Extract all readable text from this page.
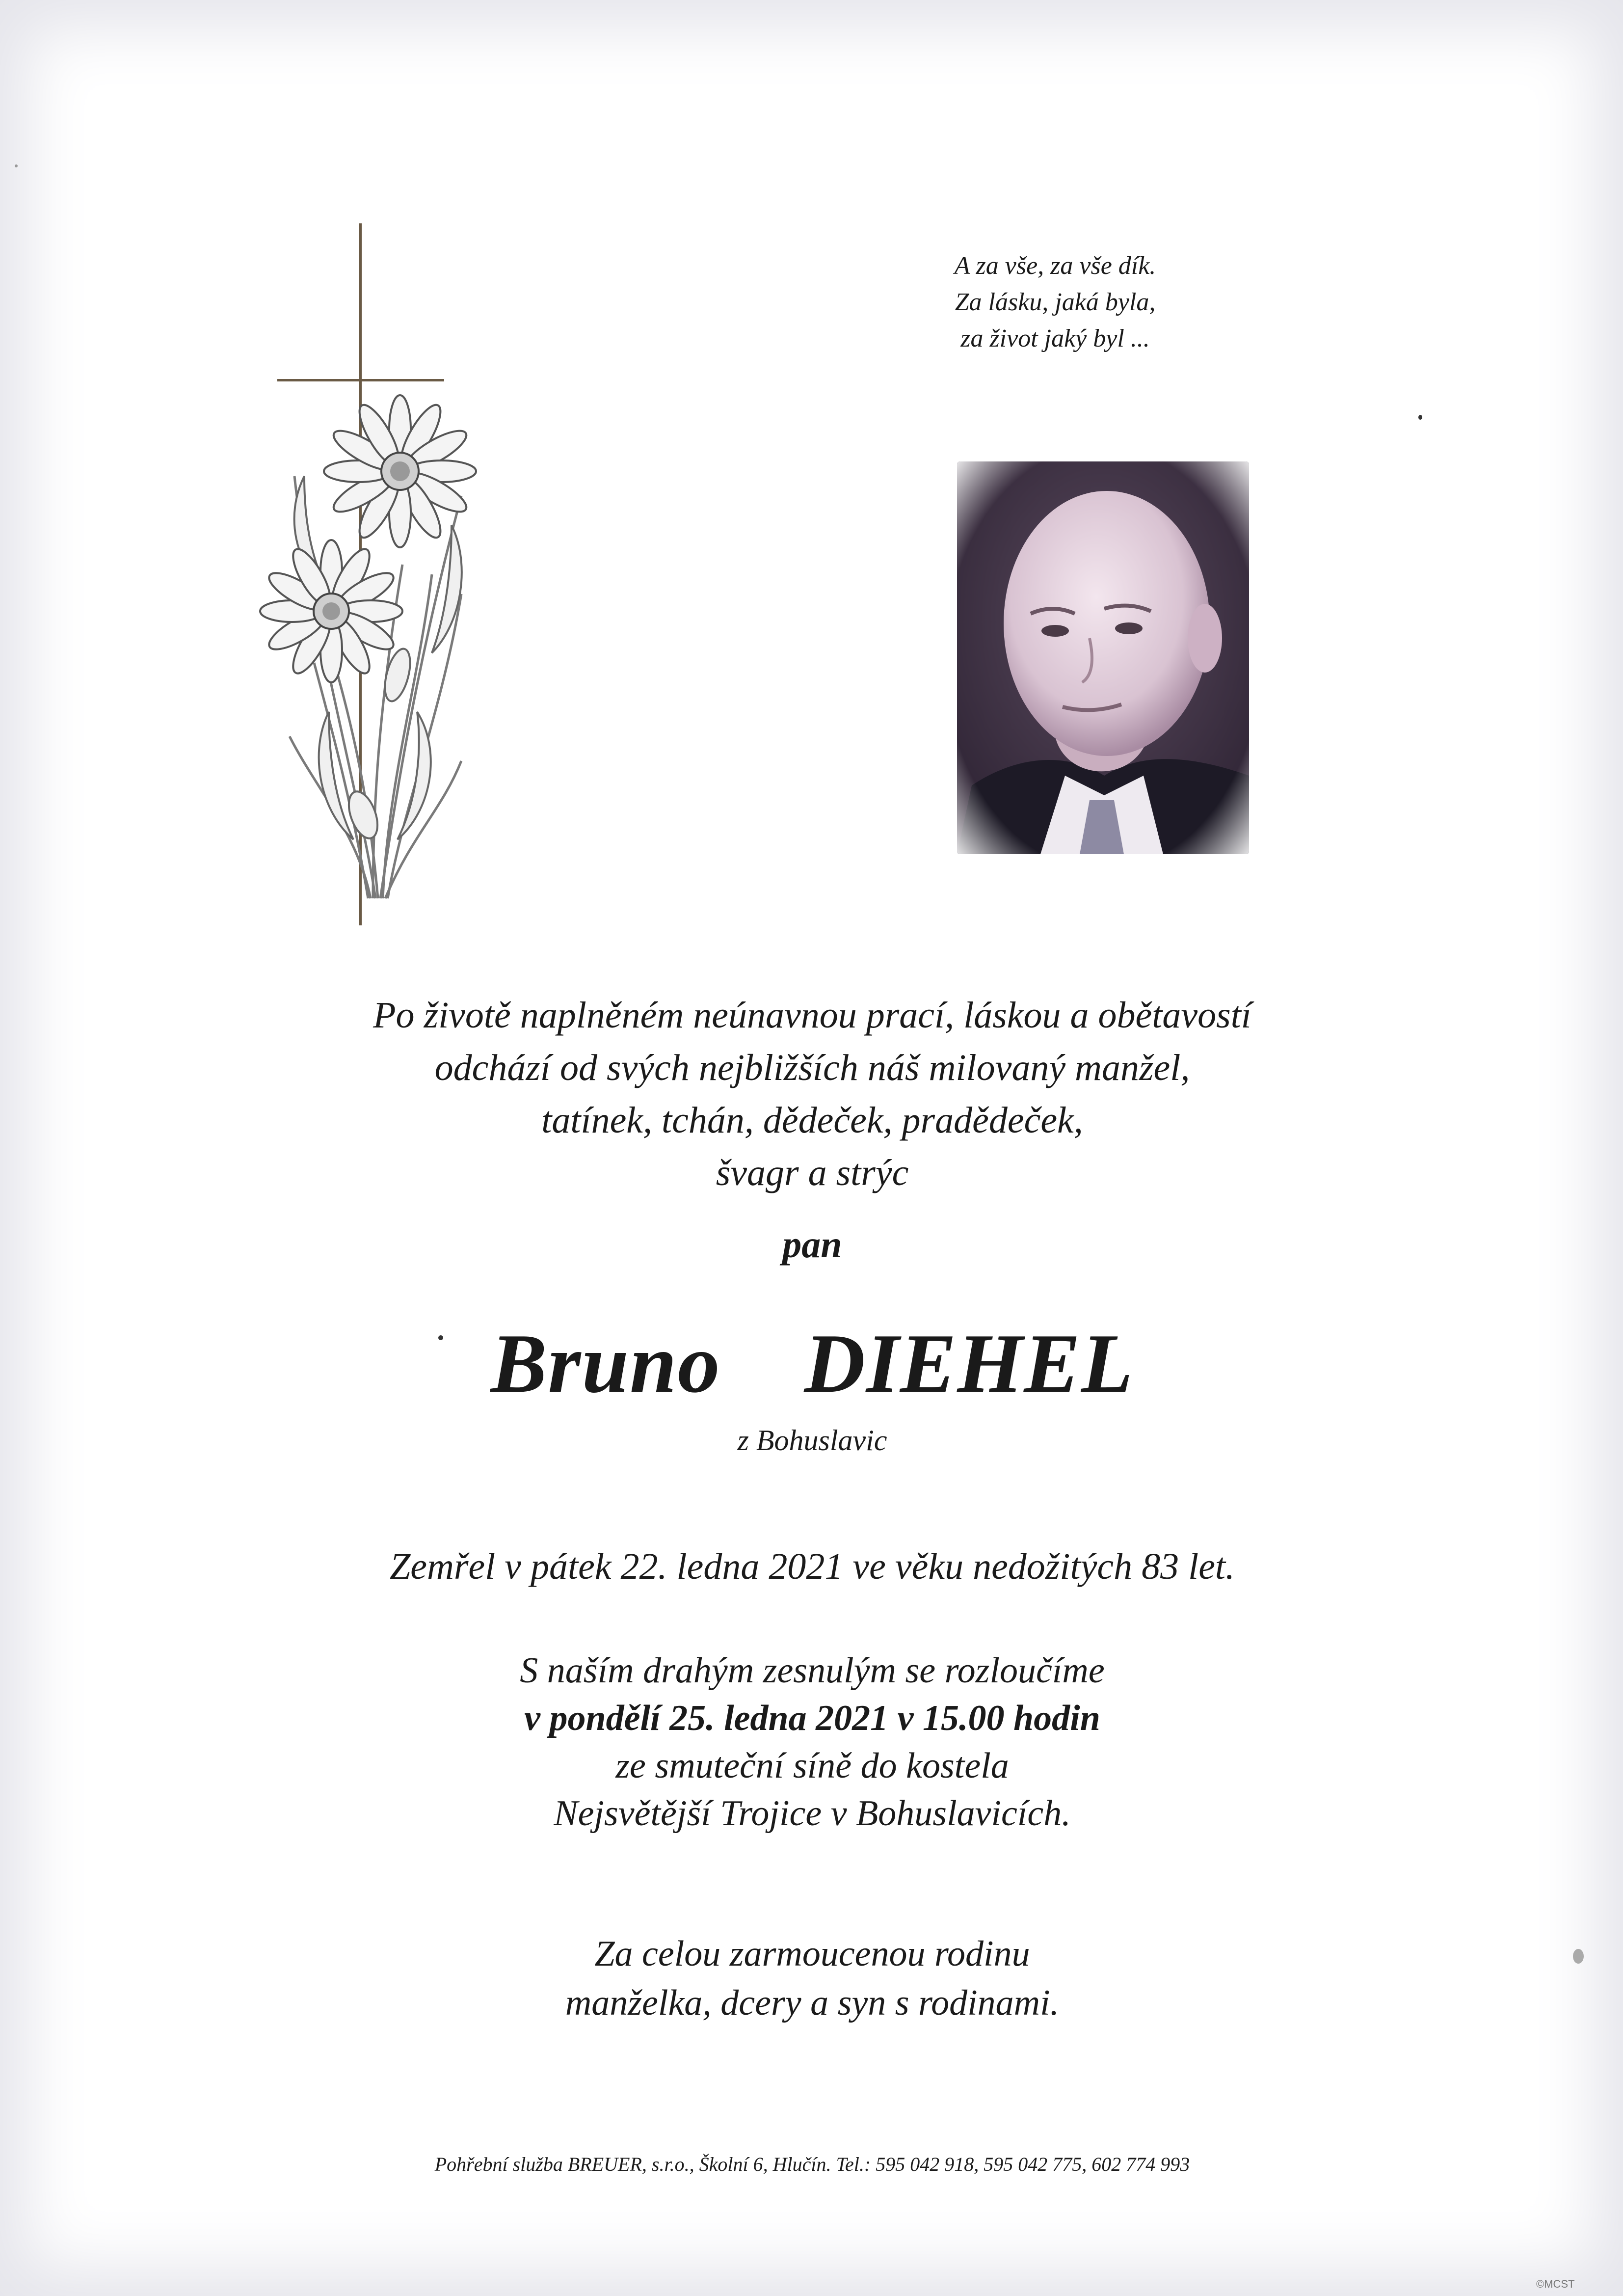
A za vše, za vše dík.
Za lásku, jaká byla,
za život jaký byl ...
Po životě naplněném neúnavnou prací, láskou a obětavostí
odchází od svých nejbližších náš milovaný manžel,
tatínek, tchán, dědeček, pradědeček,
švagr a strýc
pan
Bruno  DIEHEL
z Bohuslavic
Zemřel v pátek 22. ledna 2021 ve věku nedožitých 83 let.
S naším drahým zesnulým se rozloučíme
v pondělí 25. ledna 2021 v 15.00 hodin
ze smuteční síně do kostela
Nejsvětější Trojice v Bohuslavicích.
Za celou zarmoucenou rodinu
manželka, dcery a syn s rodinami.
Pohřební služba BREUER, s.r.o., Školní 6, Hlučín. Tel.: 595 042 918, 595 042 775, 602 774 993
©MCST
